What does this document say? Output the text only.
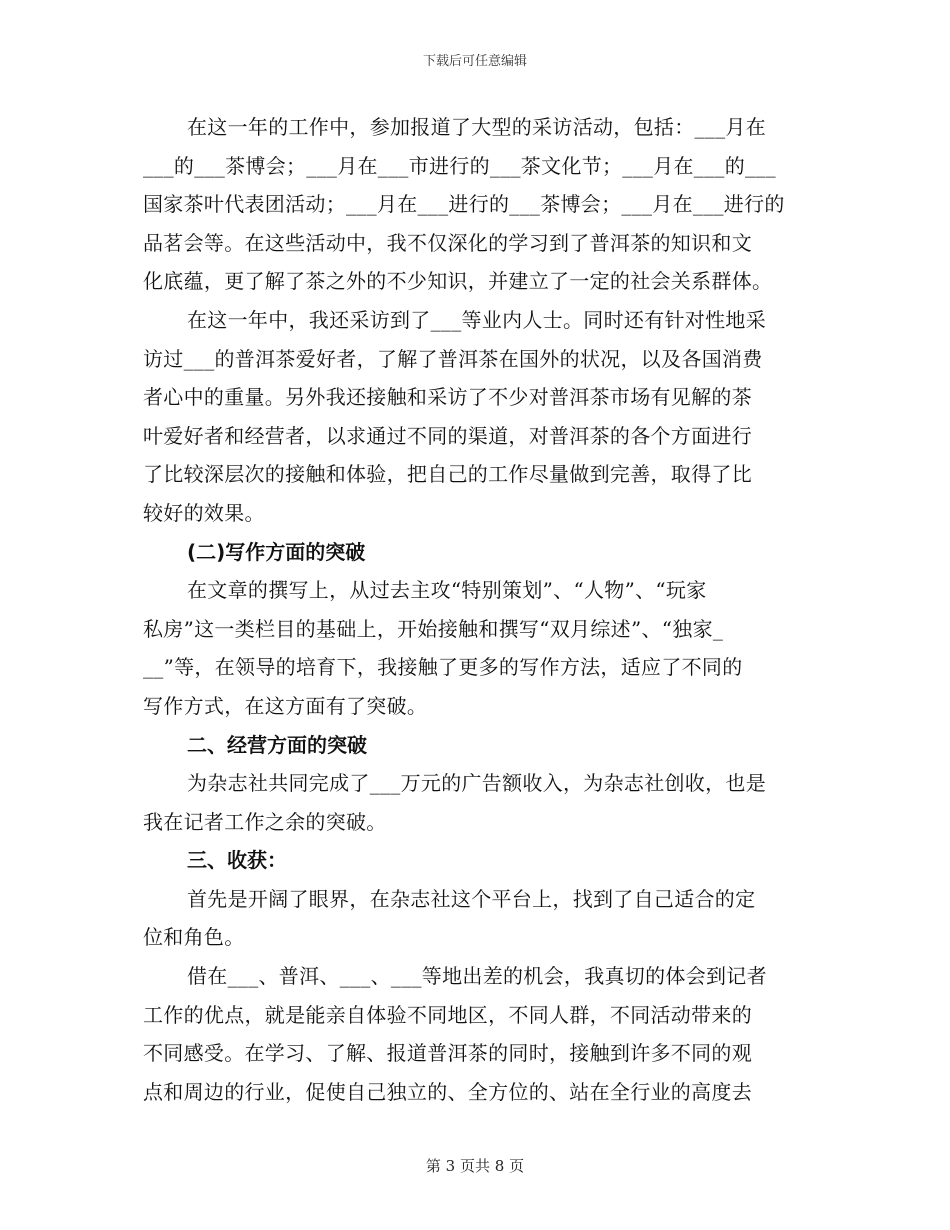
下载后可任意编辑

在这一年的工作中，参加报道了大型的采访活动，包括：___月在
___的___茶博会；___月在___市进行的___茶文化节；___月在___的___
国家茶叶代表团活动；___月在___进行的___茶博会；___月在___进行的
品茗会等。在这些活动中，我不仅深化的学习到了普洱茶的知识和文
化底蕴，更了解了茶之外的不少知识，并建立了一定的社会关系群体。

在这一年中，我还采访到了___等业内人士。同时还有针对性地采
访过___的普洱茶爱好者，了解了普洱茶在国外的状况，以及各国消费
者心中的重量。另外我还接触和采访了不少对普洱茶市场有见解的茶
叶爱好者和经营者，以求通过不同的渠道，对普洱茶的各个方面进行
了比较深层次的接触和体验，把自己的工作尽量做到完善，取得了比
较好的效果。

(二)写作方面的突破

在文章的撰写上，从过去主攻“特别策划”、“人物”、“玩家
私房”这一类栏目的基础上，开始接触和撰写“双月综述”、“独家_
__”等，在领导的培育下，我接触了更多的写作方法，适应了不同的
写作方式，在这方面有了突破。

二、经营方面的突破

为杂志社共同完成了___万元的广告额收入，为杂志社创收，也是
我在记者工作之余的突破。

三、收获：

首先是开阔了眼界，在杂志社这个平台上，找到了自己适合的定
位和角色。

借在___、普洱、___、___等地出差的机会，我真切的体会到记者
工作的优点，就是能亲自体验不同地区，不同人群，不同活动带来的
不同感受。在学习、了解、报道普洱茶的同时，接触到许多不同的观
点和周边的行业，促使自己独立的、全方位的、站在全行业的高度去

第 3 页共 8 页
